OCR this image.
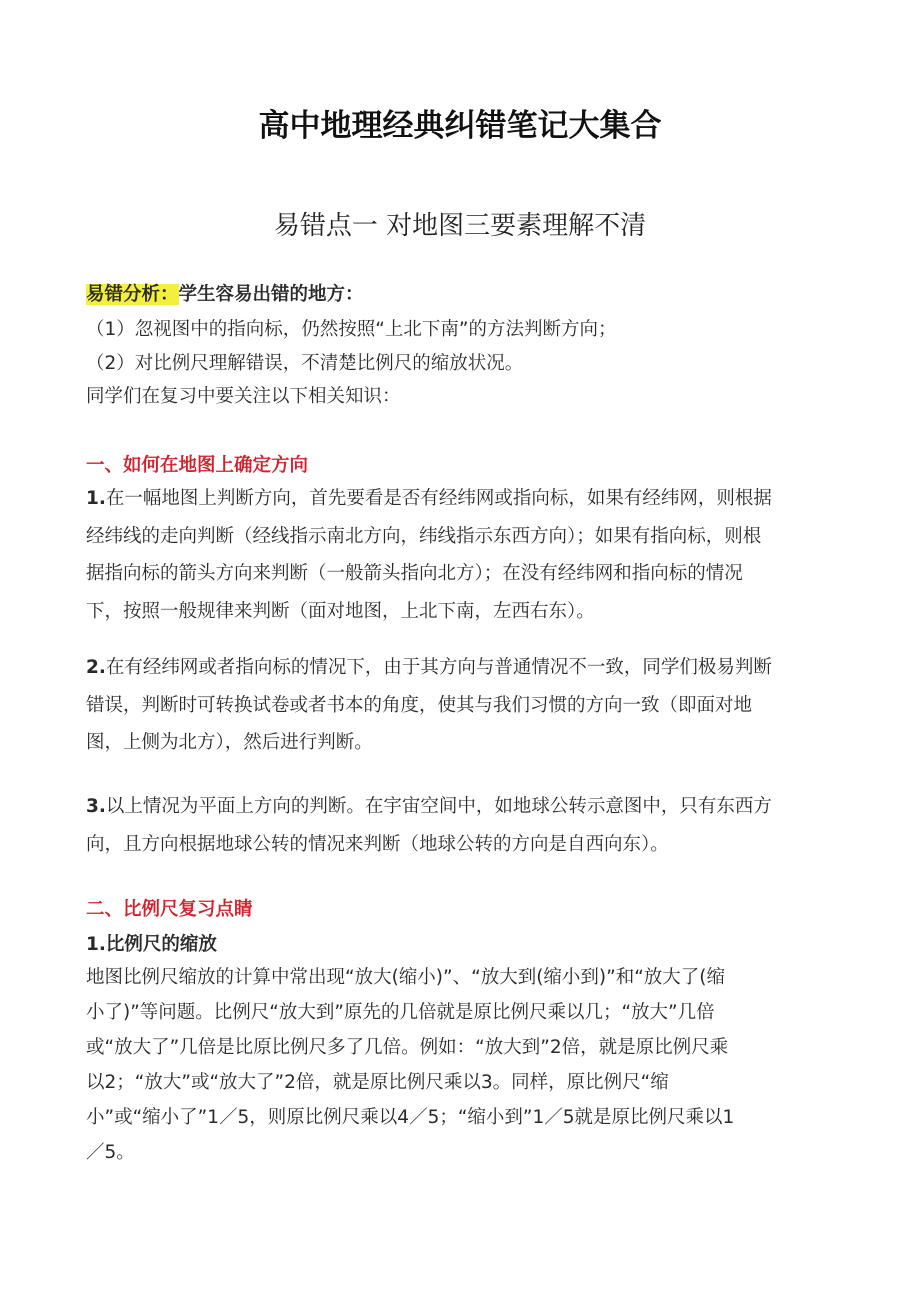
高中地理经典纠错笔记大集合
易错点一 对地图三要素理解不清
易错分析：学生容易出错的地方：
（1）忽视图中的指向标，仍然按照“上北下南”的方法判断方向；
（2）对比例尺理解错误，不清楚比例尺的缩放状况。
同学们在复习中要关注以下相关知识：
一、如何在地图上确定方向
1.在一幅地图上判断方向，首先要看是否有经纬网或指向标，如果有经纬网，则根据
经纬线的走向判断（经线指示南北方向，纬线指示东西方向）；如果有指向标，则根
据指向标的箭头方向来判断（一般箭头指向北方）；在没有经纬网和指向标的情况
下，按照一般规律来判断（面对地图，上北下南，左西右东）。
2.在有经纬网或者指向标的情况下，由于其方向与普通情况不一致，同学们极易判断
错误，判断时可转换试卷或者书本的角度，使其与我们习惯的方向一致（即面对地
图，上侧为北方），然后进行判断。
3.以上情况为平面上方向的判断。在宇宙空间中，如地球公转示意图中，只有东西方
向，且方向根据地球公转的情况来判断（地球公转的方向是自西向东）。
二、比例尺复习点睛
1.比例尺的缩放
地图比例尺缩放的计算中常出现“放大(缩小)”、“放大到(缩小到)”和“放大了(缩
小了)”等问题。比例尺“放大到”原先的几倍就是原比例尺乘以几；“放大”几倍
或“放大了”几倍是比原比例尺多了几倍。例如：“放大到”2倍，就是原比例尺乘
以2；“放大”或“放大了”2倍，就是原比例尺乘以3。同样，原比例尺“缩
小”或“缩小了”1／5，则原比例尺乘以4／5；“缩小到”1／5就是原比例尺乘以1
／5。
